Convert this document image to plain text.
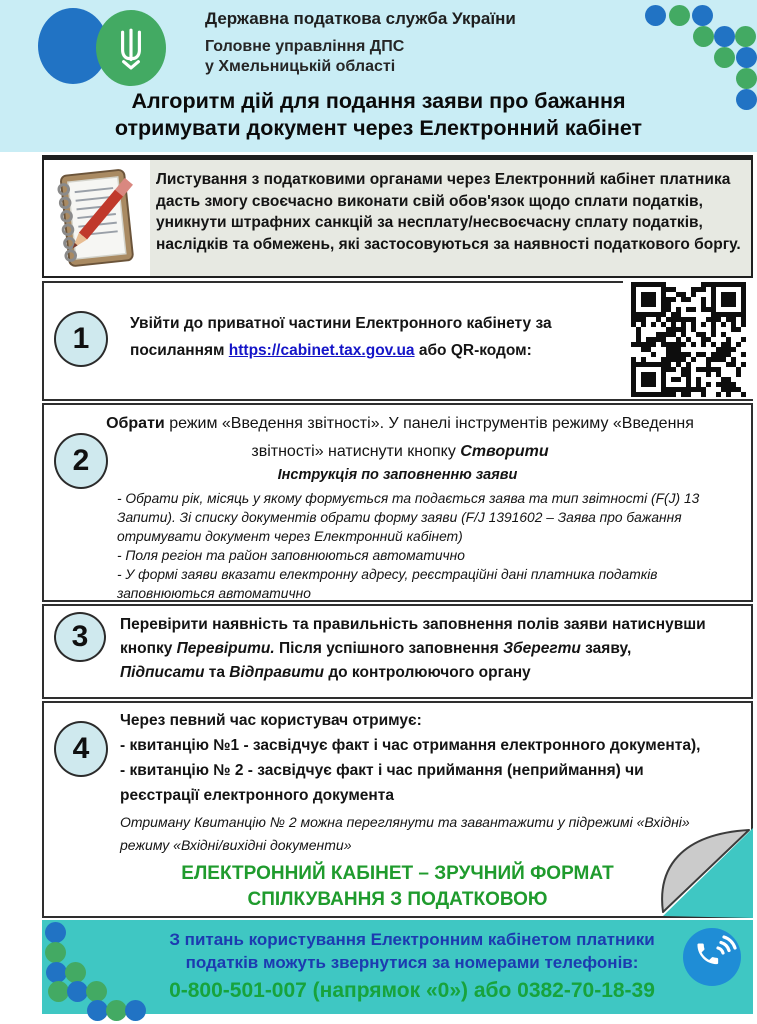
Державна податкова служба України
Головне управління ДПС
у Хмельницькій області
Алгоритм дій для подання заяви про бажання
отримувати документ через Електронний кабінет
Листування з податковими органами через Електронний кабінет платника дасть змогу своєчасно виконати свій обов'язок щодо сплати податків, уникнути штрафних санкцій за несплату/несвоєчасну сплату податків, наслідків та обмежень, які застосовуються за наявності податкового боргу.
1	Увійти до приватної частини Електронного кабінету за посиланням https://cabinet.tax.gov.ua або QR-кодом:
2
Обрати режим «Введення звітності». У панелі інструментів режиму «Введення звітності» натиснути кнопку Створити
Інструкція по заповненню заяви
- Обрати рік, місяць у якому формується та подається заява та тип звітності (F(J) 13 Запити). Зі списку документів обрати форму заяви (F/J 1391602 – Заява про бажання отримувати документ через Електронний кабінет)
- Поля регіон та район заповнюються автоматично
- У формі заяви вказати електронну адресу, реєстраційні дані платника податків заповнюються автоматично
3 Перевірити наявність та правильність заповнення полів заяви натиснувши кнопку Перевірити. Після успішного заповнення Зберегти заяву, Підписати та Відправити до контролюючого органу
4
Через певний час користувач отримує:
- квитанцію №1 - засвідчує факт і час отримання електронного документа),
- квитанцію № 2 - засвідчує факт і час приймання (неприймання) чи реєстрації електронного документа
Отриману Квитанцію № 2 можна переглянути та завантажити у підрежимі «Вхідні» режиму «Вхідні/вихідні документи»
ЕЛЕКТРОННИЙ КАБІНЕТ – ЗРУЧНИЙ ФОРМАТ
СПІЛКУВАННЯ З ПОДАТКОВОЮ
З питань користування Електронним кабінетом платники
податків можуть звернутися за номерами телефонів:
0-800-501-007 (напрямок «0») або 0382-70-18-39
